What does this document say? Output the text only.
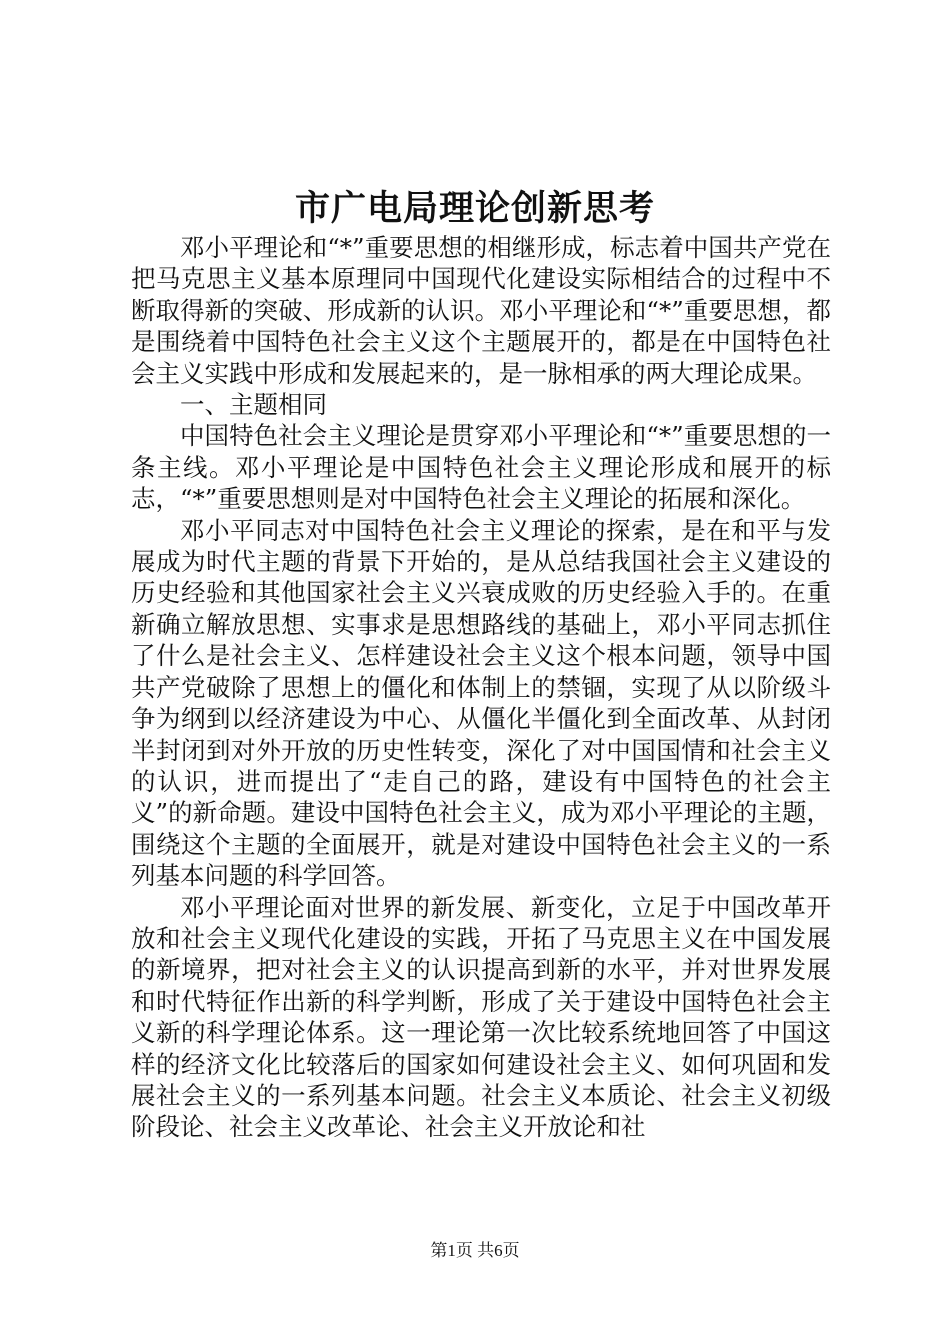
市广电局理论创新思考

邓小平理论和“*”重要思想的相继形成，标志着中国共产党在把马克思主义基本原理同中国现代化建设实际相结合的过程中不断取得新的突破、形成新的认识。邓小平理论和“*”重要思想，都是围绕着中国特色社会主义这个主题展开的，都是在中国特色社会主义实践中形成和发展起来的，是一脉相承的两大理论成果。

一、主题相同

中国特色社会主义理论是贯穿邓小平理论和“*”重要思想的一条主线。邓小平理论是中国特色社会主义理论形成和展开的标志，“*”重要思想则是对中国特色社会主义理论的拓展和深化。

邓小平同志对中国特色社会主义理论的探索，是在和平与发展成为时代主题的背景下开始的，是从总结我国社会主义建设的历史经验和其他国家社会主义兴衰成败的历史经验入手的。在重新确立解放思想、实事求是思想路线的基础上，邓小平同志抓住了什么是社会主义、怎样建设社会主义这个根本问题，领导中国共产党破除了思想上的僵化和体制上的禁锢，实现了从以阶级斗争为纲到以经济建设为中心、从僵化半僵化到全面改革、从封闭半封闭到对外开放的历史性转变，深化了对中国国情和社会主义的认识，进而提出了“走自己的路，建设有中国特色的社会主义”的新命题。建设中国特色社会主义，成为邓小平理论的主题，围绕这个主题的全面展开，就是对建设中国特色社会主义的一系列基本问题的科学回答。

邓小平理论面对世界的新发展、新变化，立足于中国改革开放和社会主义现代化建设的实践，开拓了马克思主义在中国发展的新境界，把对社会主义的认识提高到新的水平，并对世界发展和时代特征作出新的科学判断，形成了关于建设中国特色社会主义新的科学理论体系。这一理论第一次比较系统地回答了中国这样的经济文化比较落后的国家如何建设社会主义、如何巩固和发展社会主义的一系列基本问题。社会主义本质论、社会主义初级阶段论、社会主义改革论、社会主义开放论和社

第1页 共6页
